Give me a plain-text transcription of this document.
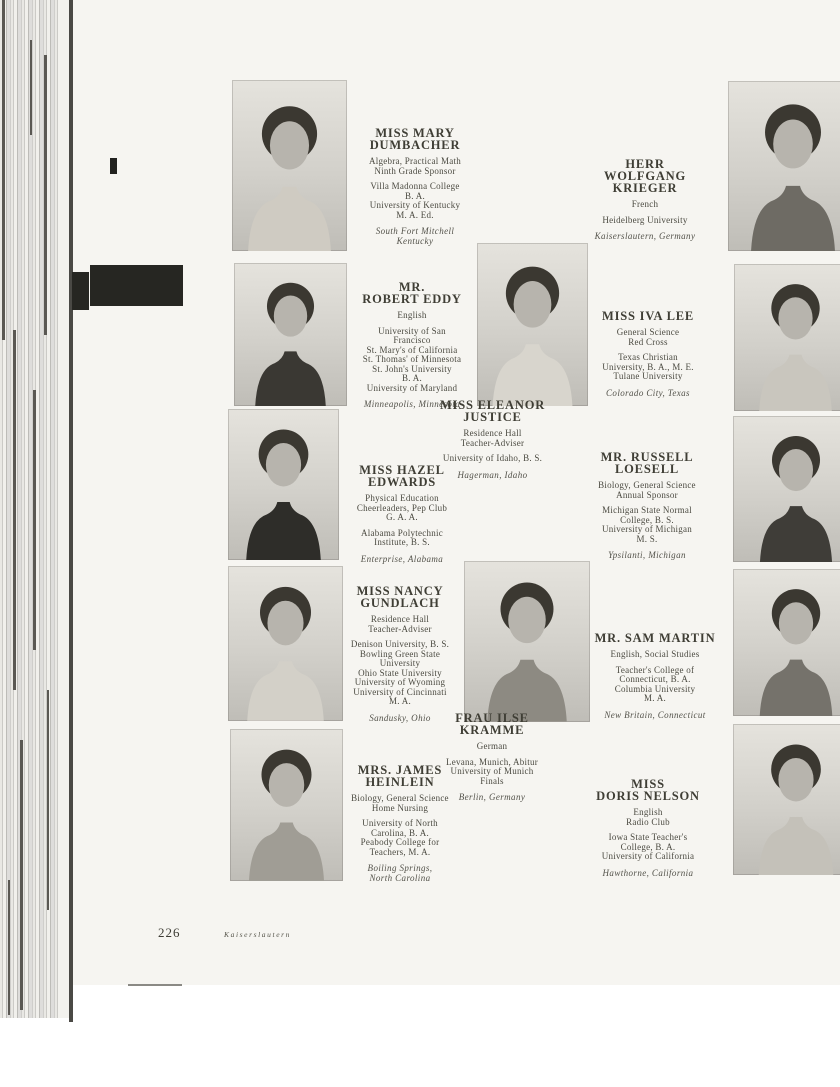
MISS MARY
DUMBACHER

Algebra, Practical Math
Ninth Grade Sponsor

Villa Madonna College
B. A.
University of Kentucky
M. A. Ed.

South Fort Mitchell
Kentucky

HERR
WOLFGANG
KRIEGER

French

Heidelberg University

Kaiserslautern, Germany

MR.
ROBERT EDDY

English

University of San
Francisco
St. Mary's of California
St. Thomas' of Minnesota
St. John's University
B. A.
University of Maryland

Minneapolis, Minnesota

MISS IVA LEE

General Science
Red Cross

Texas Christian
University, B. A., M. E.
Tulane University

Colorado City, Texas

MISS ELEANOR
JUSTICE

Residence Hall
Teacher-Adviser

University of Idaho, B. S.

Hagerman, Idaho

MISS HAZEL
EDWARDS

Physical Education
Cheerleaders, Pep Club
G. A. A.

Alabama Polytechnic
Institute, B. S.

Enterprise, Alabama

MR. RUSSELL
LOESELL

Biology, General Science
Annual Sponsor

Michigan State Normal
College, B. S.
University of Michigan
M. S.

Ypsilanti, Michigan

MISS NANCY
GUNDLACH

Residence Hall
Teacher-Adviser

Denison University, B. S.
Bowling Green State
University
Ohio State University
University of Wyoming
University of Cincinnati
M. A.

Sandusky, Ohio

MR. SAM MARTIN

English, Social Studies

Teacher's College of
Connecticut, B. A.
Columbia University
M. A.

New Britain, Connecticut

FRAU ILSE
KRAMME

German

Levana, Munich, Abitur
University of Munich
Finals

Berlin, Germany

MRS. JAMES
HEINLEIN

Biology, General Science
Home Nursing

University of North
Carolina, B. A.
Peabody College for
Teachers, M. A.

Boiling Springs,
North Carolina

MISS
DORIS NELSON

English
Radio Club

Iowa State Teacher's
College, B. A.
University of California

Hawthorne, California

226	Kaiserslautern
